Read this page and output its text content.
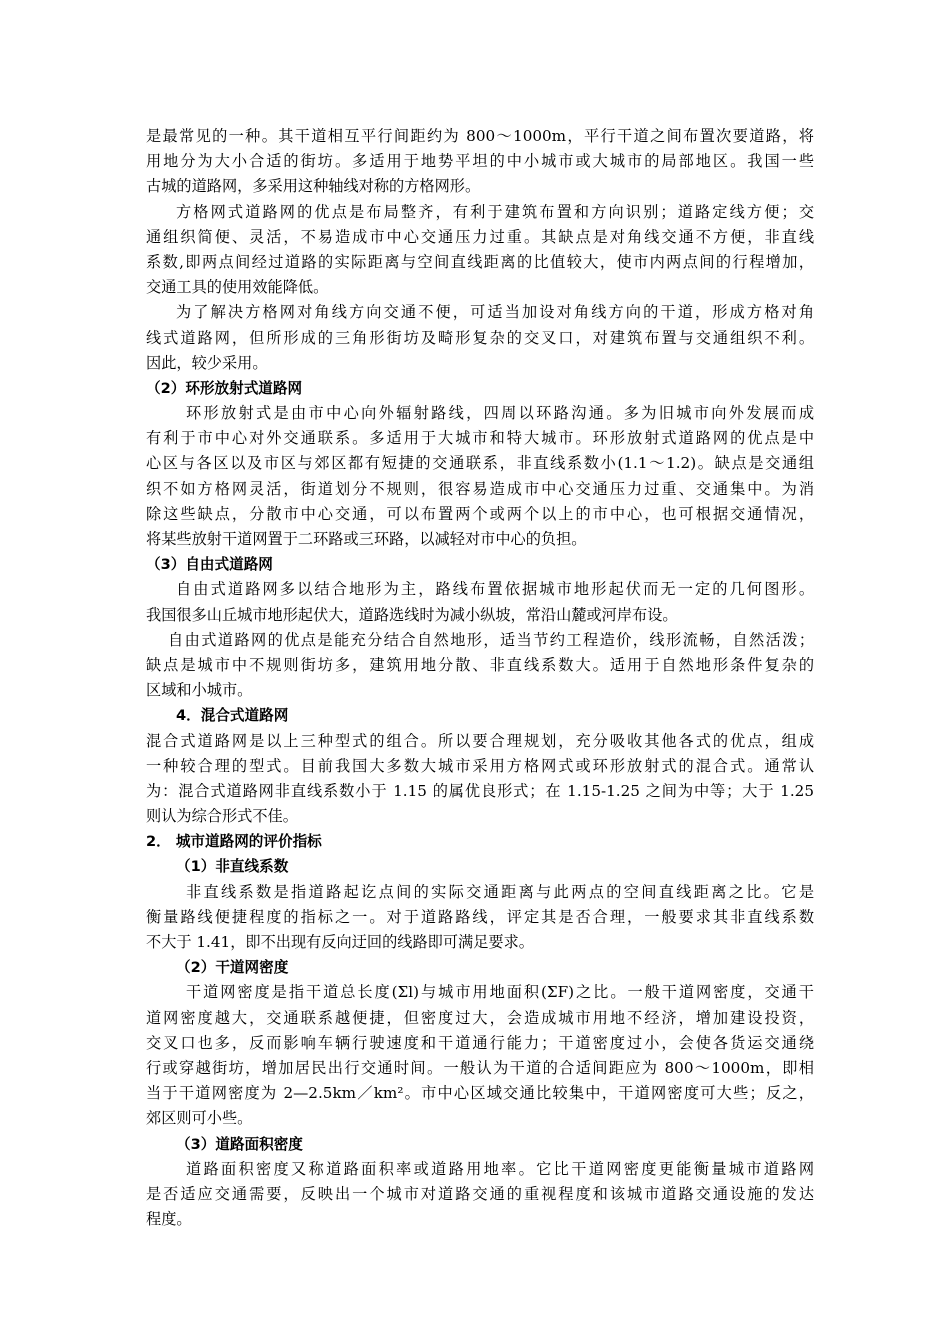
是最常见的一种。其干道相互平行间距约为 800～1000m，平行干道之间布置次要道路，将
用地分为大小合适的街坊。多适用于地势平坦的中小城市或大城市的局部地区。我国一些
古城的道路网，多采用这种轴线对称的方格网形。
方格网式道路网的优点是布局整齐，有利于建筑布置和方向识别；道路定线方便；交
通组织简便、灵活，不易造成市中心交通压力过重。其缺点是对角线交通不方便，非直线
系数,即两点间经过道路的实际距离与空间直线距离的比值较大，使市内两点间的行程增加，
交通工具的使用效能降低。
为了解决方格网对角线方向交通不便，可适当加设对角线方向的干道，形成方格对角
线式道路网，但所形成的三角形街坊及畸形复杂的交叉口，对建筑布置与交通组织不利。
因此，较少采用。
（2）环形放射式道路网
环形放射式是由市中心向外辐射路线，四周以环路沟通。多为旧城市向外发展而成
有利于市中心对外交通联系。多适用于大城市和特大城市。环形放射式道路网的优点是中
心区与各区以及市区与郊区都有短捷的交通联系，非直线系数小(1.1～1.2)。缺点是交通组
织不如方格网灵活，街道划分不规则，很容易造成市中心交通压力过重、交通集中。为消
除这些缺点，分散市中心交通，可以布置两个或两个以上的市中心，也可根据交通情况，
将某些放射干道网置于二环路或三环路，以减轻对市中心的负担。
（3）自由式道路网
自由式道路网多以结合地形为主，路线布置依据城市地形起伏而无一定的几何图形。
我国很多山丘城市地形起伏大，道路选线时为减小纵坡，常沿山麓或河岸布设。
自由式道路网的优点是能充分结合自然地形，适当节约工程造价，线形流畅，自然活泼；
缺点是城市中不规则街坊多，建筑用地分散、非直线系数大。适用于自然地形条件复杂的
区域和小城市。
4．混合式道路网
混合式道路网是以上三种型式的组合。所以要合理规划，充分吸收其他各式的优点，组成
一种较合理的型式。目前我国大多数大城市采用方格网式或环形放射式的混合式。通常认
为：混合式道路网非直线系数小于 1.15 的属优良形式；在 1.15-1.25 之间为中等；大于 1.25
则认为综合形式不佳。
2． 城市道路网的评价指标
（1）非直线系数
非直线系数是指道路起讫点间的实际交通距离与此两点的空间直线距离之比。它是
衡量路线便捷程度的指标之一。对于道路路线，评定其是否合理，一般要求其非直线系数
不大于 1.41，即不出现有反向迂回的线路即可满足要求。
（2）干道网密度
干道网密度是指干道总长度(Σl)与城市用地面积(ΣF)之比。一般干道网密度，交通干
道网密度越大，交通联系越便捷，但密度过大，会造成城市用地不经济，增加建设投资，
交叉口也多，反而影响车辆行驶速度和干道通行能力；干道密度过小，会使各货运交通绕
行或穿越街坊，增加居民出行交通时间。一般认为干道的合适间距应为 800～1000m，即相
当于干道网密度为 2—2.5km／km²。市中心区域交通比较集中，干道网密度可大些；反之，
郊区则可小些。
（3）道路面积密度
道路面积密度又称道路面积率或道路用地率。它比干道网密度更能衡量城市道路网
是否适应交通需要，反映出一个城市对道路交通的重视程度和该城市道路交通设施的发达
程度。
